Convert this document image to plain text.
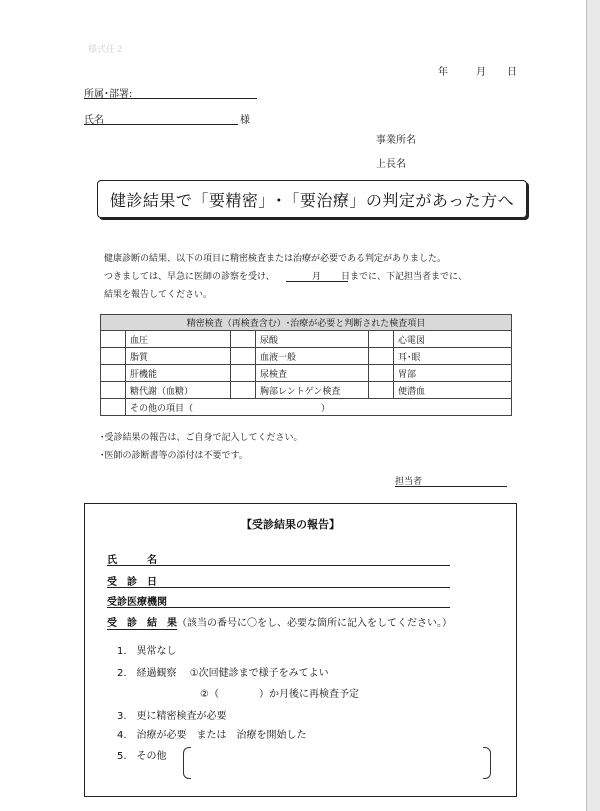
様式任２
年	月 日
所属･部署:
氏名	様
事業所名
上長名
健診結果で「要精密」･「要治療」の判定があった方へ
健康診断の結果、以下の項目に精密検査または治療が必要である判定がありました。
つきましては、早急に医師の診察を受け、	月 日までに、下記担当者までに、
結果を報告してください。
精密検査（再検査含む）･治療が必要と判断された検査項目					
	血圧		尿酸		心電図
	脂質		血液一般		耳･眼
	肝機能		尿検査		胃部
	糖代謝（血糖）		胸部レントゲン検査		便潜血
	その他の項目（ ）				
･受診結果の報告は、ご自身で記入してください。
･医師の診断書等の添付は不要です。
担当者
【受診結果の報告】
氏　　　名
受　診　日
受診医療機関
受　診　結　果（該当の番号に〇をし、必要な箇所に記入をしてください。）
1.　異常なし
2.　経過観察　 ①次回健診まで様子をみてよい
②（　　　　）か月後に再検査予定
3.　更に精密検査が必要
4.　治療が必要　または　治療を開始した
5.　その他
